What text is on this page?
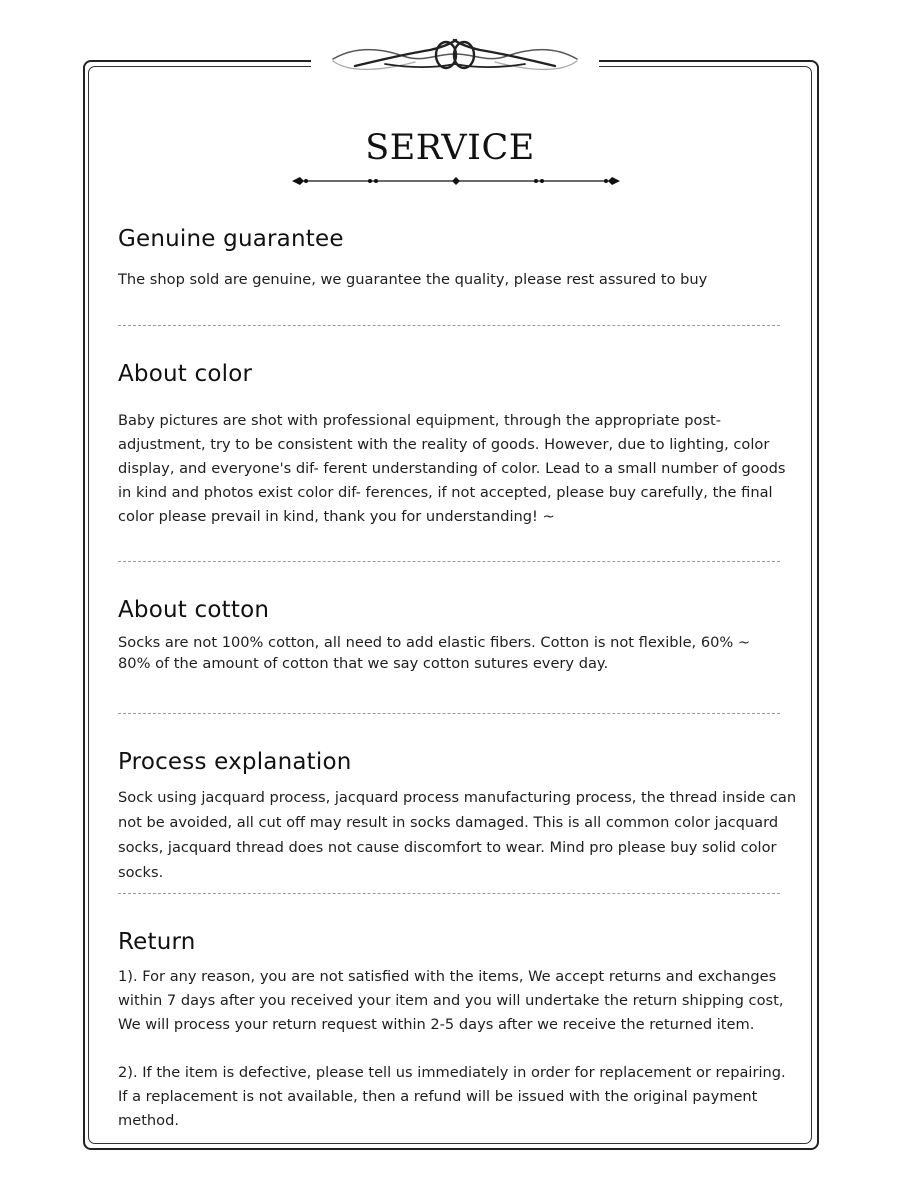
SERVICE
Genuine guarantee

The shop sold are genuine, we guarantee the quality, please rest assured to buy

About color

Baby pictures are shot with professional equipment, through the appropriate post-adjustment, try to be consistent with the reality of goods. However, due to lighting, color display, and everyone's dif- ferent understanding of color. Lead to a small number of goods in kind and photos exist color dif- ferences, if not accepted, please buy carefully, the final color please prevail in kind, thank you for understanding! ~

About cotton

Socks are not 100% cotton, all need to add elastic fibers. Cotton is not flexible, 60% ~ 80% of the amount of cotton that we say cotton sutures every day.

Process explanation

Sock using jacquard process, jacquard process manufacturing process, the thread inside can not be avoided, all cut off may result in socks damaged. This is all common color jacquard socks, jacquard thread does not cause discomfort to wear. Mind pro please buy solid color socks.

Return

1). For any reason, you are not satisfied with the items, We accept returns and exchanges within 7 days after you received your item and you will undertake the return shipping cost, We will process your return request within 2-5 days after we receive the returned item.

2). If the item is defective, please tell us immediately in order for replacement or repairing.

If a replacement is not available, then a refund will be issued with the original payment method.
